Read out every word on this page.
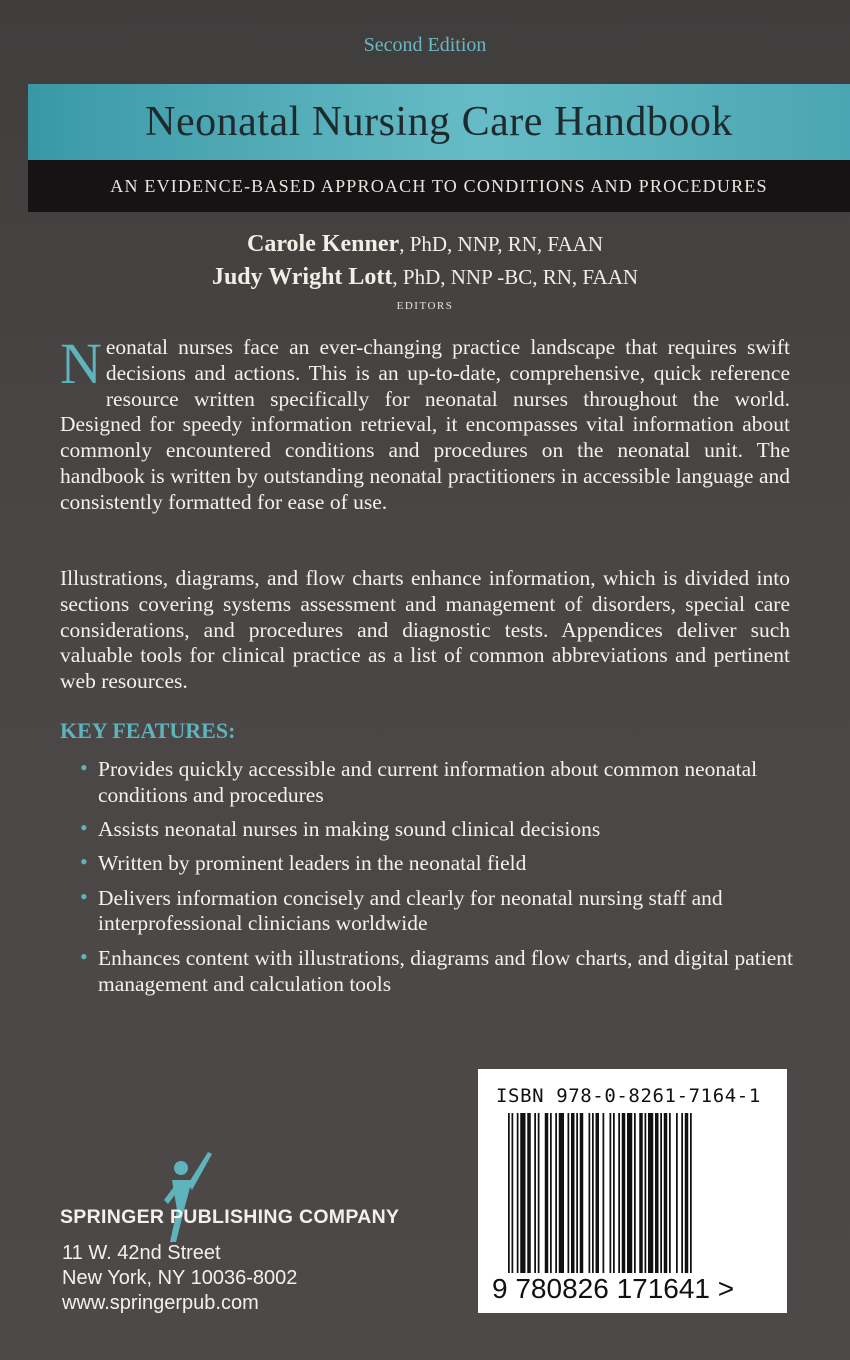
Second Edition
Neonatal Nursing Care Handbook
AN EVIDENCE-BASED APPROACH TO CONDITIONS AND PROCEDURES
Carole Kenner, PhD, NNP, RN, FAAN
Judy Wright Lott, PhD, NNP -BC, RN, FAAN
EDITORS

Neonatal nurses face an ever-changing practice landscape that requires swift decisions and actions. This is an up-to-date, comprehensive, quick reference resource written specifically for neonatal nurses throughout the world. Designed for speedy information retrieval, it encompasses vital information about commonly encountered conditions and procedures on the neonatal unit. The handbook is written by outstanding neonatal practitioners in accessible language and consistently formatted for ease of use.

Illustrations, diagrams, and flow charts enhance information, which is divided into sections covering systems assessment and management of disorders, special care considerations, and procedures and diagnostic tests. Appendices deliver such valuable tools for clinical practice as a list of common abbreviations and pertinent web resources.

KEY FEATURES:
• Provides quickly accessible and current information about common neonatal conditions and procedures
• Assists neonatal nurses in making sound clinical decisions
• Written by prominent leaders in the neonatal field
• Delivers information concisely and clearly for neonatal nursing staff and interprofessional clinicians worldwide
• Enhances content with illustrations, diagrams and flow charts, and digital patient management and calculation tools
SPRINGER PUBLISHING COMPANY
11 W. 42nd Street
New York, NY 10036-8002
www.springerpub.com
ISBN 978-0-8261-7164-1
9 780826 171641 >
